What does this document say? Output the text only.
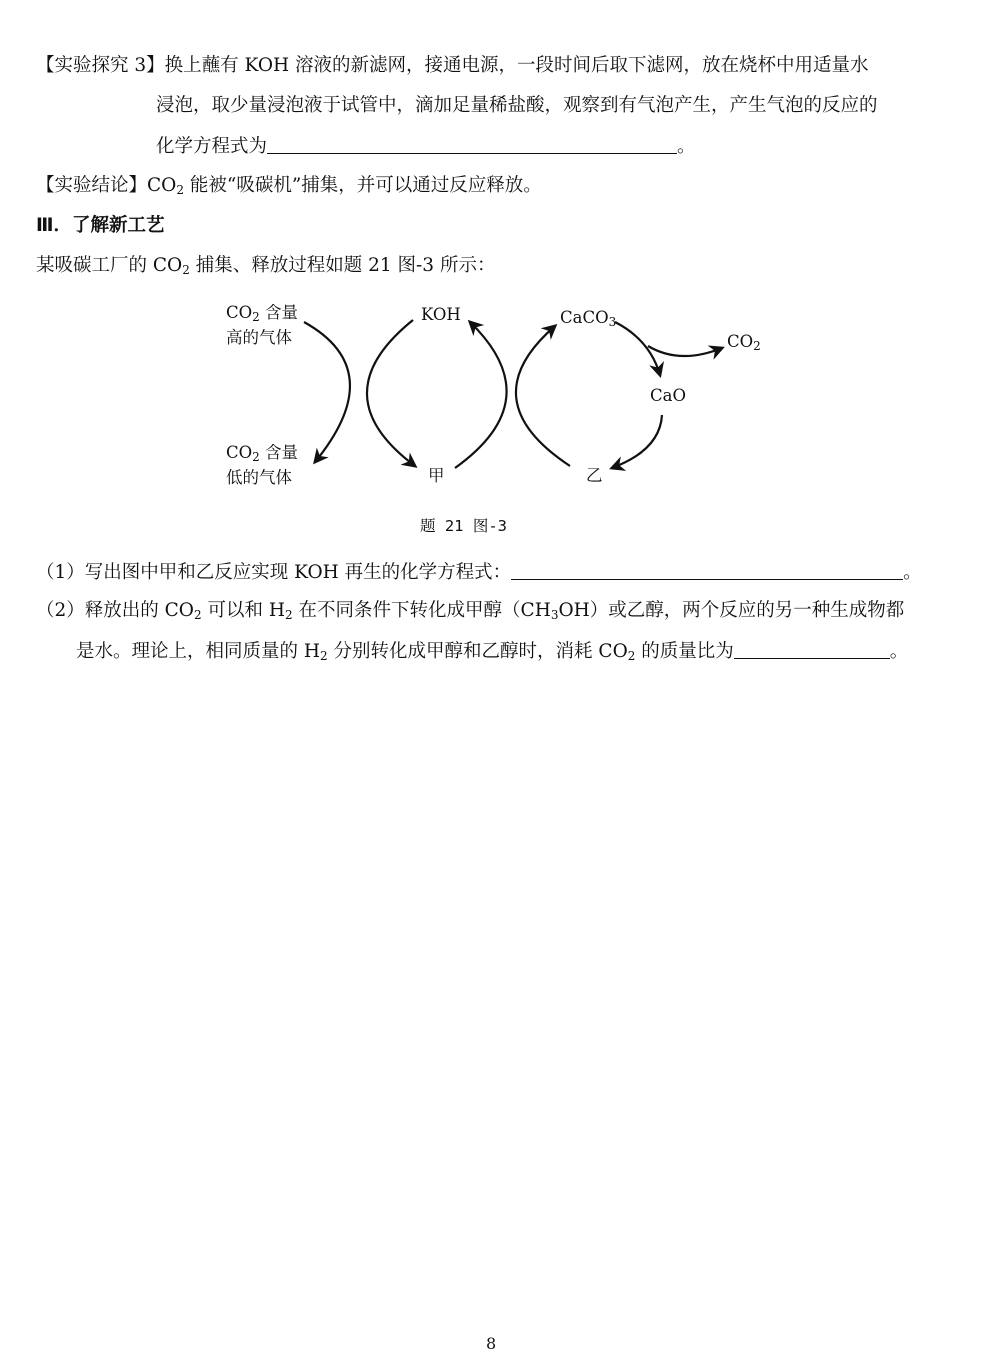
【实验探究 3】换上蘸有 KOH 溶液的新滤网，接通电源，一段时间后取下滤网，放在烧杯中用适量水
浸泡，取少量浸泡液于试管中，滴加足量稀盐酸，观察到有气泡产生，产生气泡的反应的
化学方程式为	。
【实验结论】$CO_2$ 能被“吸碳机”捕集，并可以通过反应释放。
Ⅲ．了解新工艺
某吸碳工厂的 $CO_2$ 捕集、释放过程如题 21 图-3 所示：
$CO_2$ 含量
高的气体
$CO_2$ 含量
低的气体
KOH
甲
CaCO$_3$
$CO_2$
CaO
乙
题 21 图-3
（1）写出图中甲和乙反应实现 KOH 再生的化学方程式：	。
（2）释放出的 $CO_2$ 可以和 $H_2$ 在不同条件下转化成甲醇$(CH_3OH)$或乙醇，两个反应的另一种生成物都
是水。理论上，相同质量的 $H_2$ 分别转化成甲醇和乙醇时，消耗 $CO_2$ 的质量比为	。
8
